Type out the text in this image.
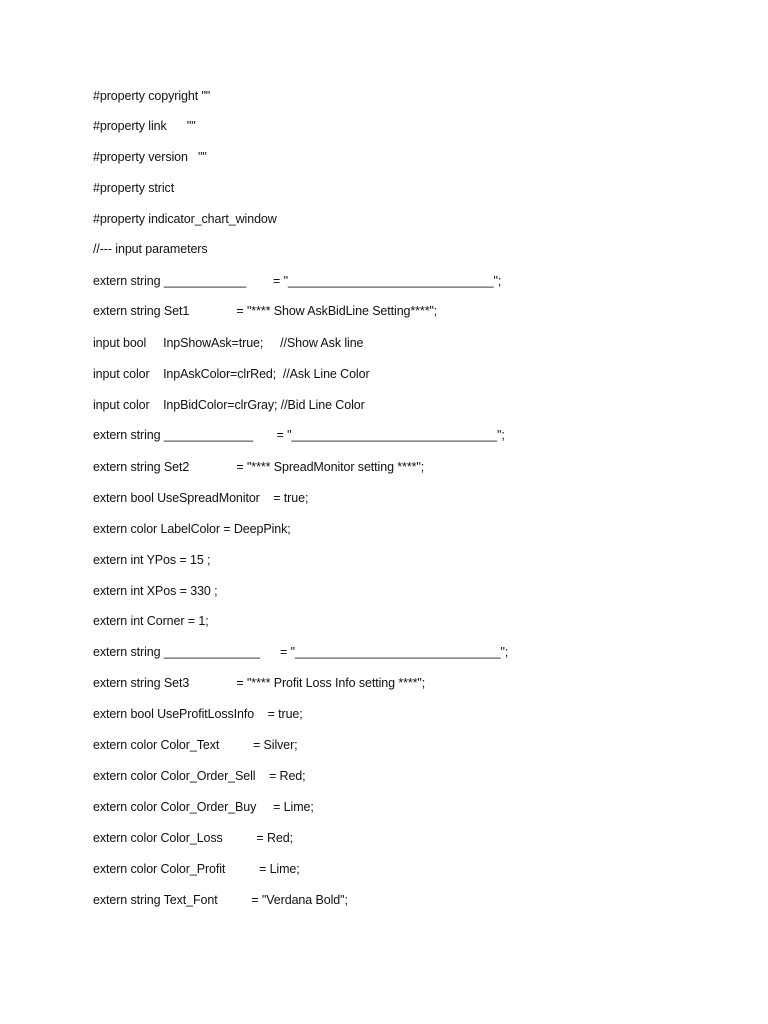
#property copyright ""
#property link      ""
#property version   ""
#property strict
#property indicator_chart_window
//--- input parameters
extern string ____________        = "______________________________";
extern string Set1              = "**** Show AskBidLine Setting****";
input bool     InpShowAsk=true;     //Show Ask line
input color    InpAskColor=clrRed;  //Ask Line Color
input color    InpBidColor=clrGray; //Bid Line Color
extern string _____________       = "______________________________";
extern string Set2              = "**** SpreadMonitor setting ****";
extern bool UseSpreadMonitor    = true;
extern color LabelColor = DeepPink;
extern int YPos = 15 ;
extern int XPos = 330 ;
extern int Corner = 1;
extern string ______________      = "______________________________";
extern string Set3              = "**** Profit Loss Info setting ****";
extern bool UseProfitLossInfo    = true;
extern color Color_Text          = Silver;
extern color Color_Order_Sell    = Red;
extern color Color_Order_Buy     = Lime;
extern color Color_Loss          = Red;
extern color Color_Profit          = Lime;
extern string Text_Font          = "Verdana Bold";
